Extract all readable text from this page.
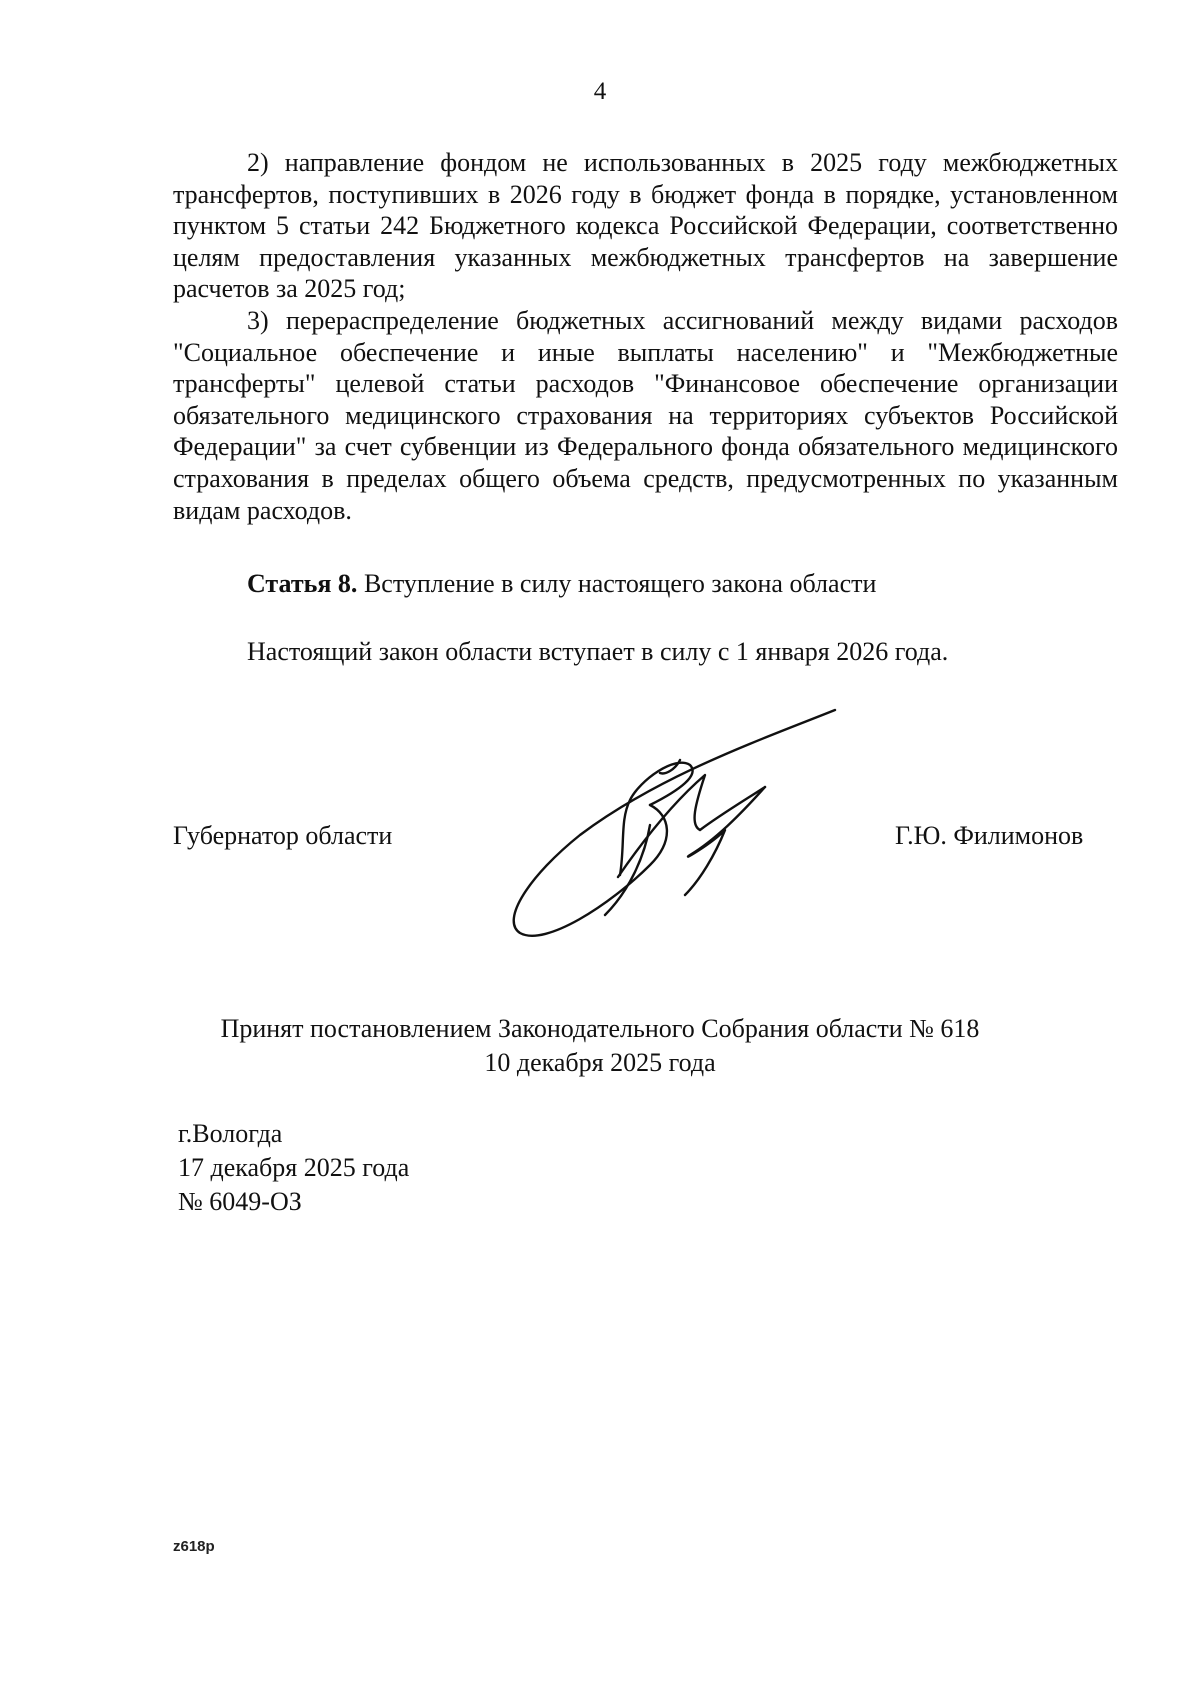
4

2) направление фондом не использованных в 2025 году межбюджетных трансфертов, поступивших в 2026 году в бюджет фонда в порядке, установленном пунктом 5 статьи 242 Бюджетного кодекса Российской Федерации, соответственно целям предоставления указанных межбюджетных трансфертов на завершение расчетов за 2025 год;

3) перераспределение бюджетных ассигнований между видами расходов "Социальное обеспечение и иные выплаты населению" и "Межбюджетные трансферты" целевой статьи расходов "Финансовое обеспечение организации обязательного медицинского страхования на территориях субъектов Российской Федерации" за счет субвенции из Федерального фонда обязательного медицинского страхования в пределах общего объема средств, предусмотренных по указанным видам расходов.

Статья 8. Вступление в силу настоящего закона области
Настоящий закон области вступает в силу с 1 января 2026 года.
Губернатор области	Г.Ю. Филимонов
Принят постановлением Законодательного Собрания области № 618
10 декабря 2025 года
г.Вологда
17 декабря 2025 года
№ 6049-ОЗ
z618p
